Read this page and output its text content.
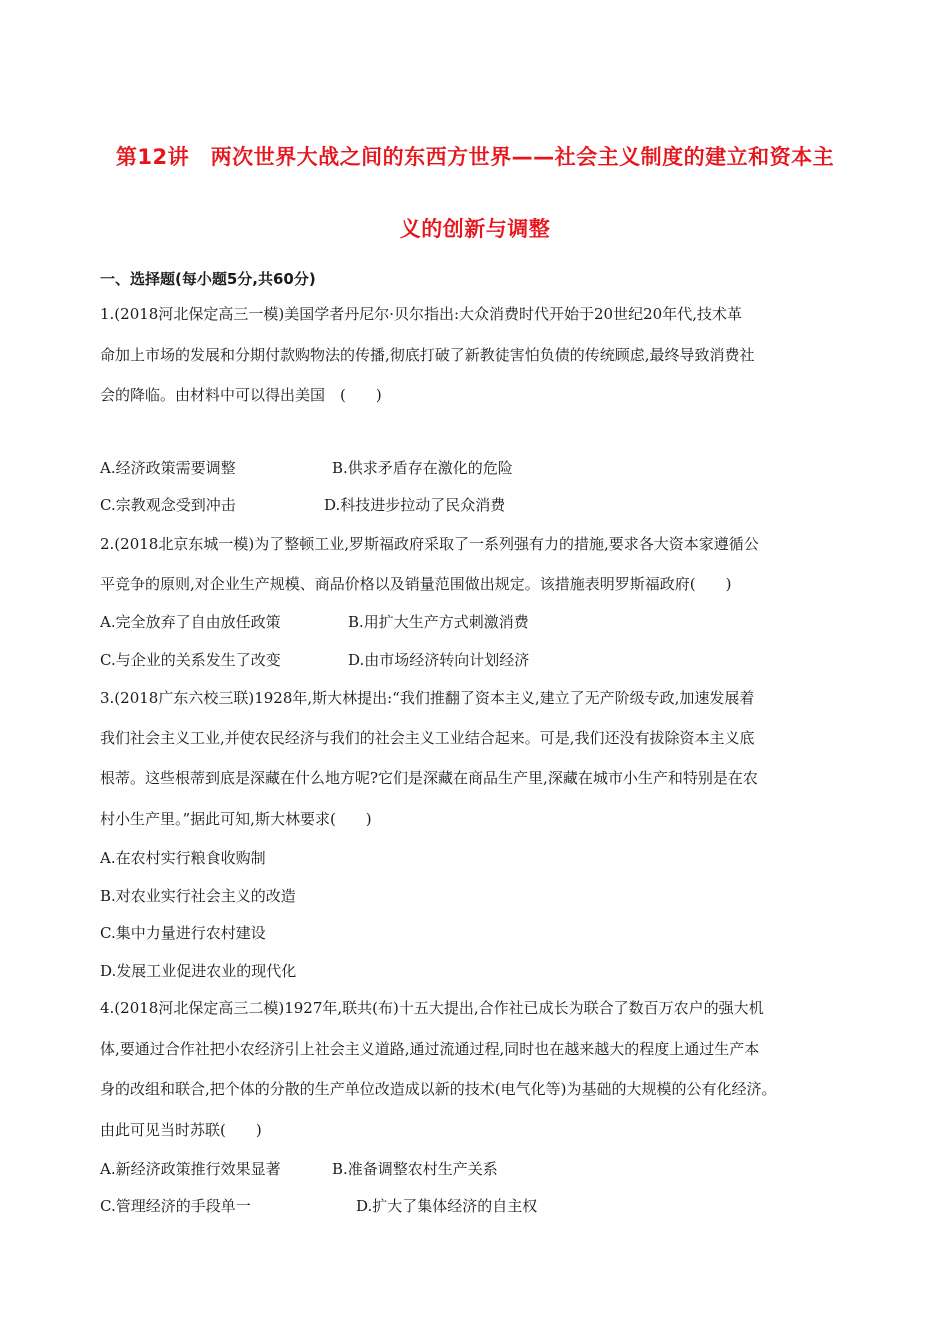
第12讲　两次世界大战之间的东西方世界——社会主义制度的建立和资本主
义的创新与调整
一、选择题(每小题5分,共60分)
1.(2018河北保定高三一模)美国学者丹尼尔·贝尔指出:大众消费时代开始于20世纪20年代,技术革
命加上市场的发展和分期付款购物法的传播,彻底打破了新教徒害怕负债的传统顾虑,最终导致消费社
会的降临。由材料中可以得出美国　(　　)
A.经济政策需要调整	B.供求矛盾存在激化的危险
C.宗教观念受到冲击	D.科技进步拉动了民众消费
2.(2018北京东城一模)为了整顿工业,罗斯福政府采取了一系列强有力的措施,要求各大资本家遵循公
平竞争的原则,对企业生产规模、商品价格以及销量范围做出规定。该措施表明罗斯福政府(　　)
A.完全放弃了自由放任政策	B.用扩大生产方式刺激消费
C.与企业的关系发生了改变	D.由市场经济转向计划经济
3.(2018广东六校三联)1928年,斯大林提出:“我们推翻了资本主义,建立了无产阶级专政,加速发展着
我们社会主义工业,并使农民经济与我们的社会主义工业结合起来。可是,我们还没有拔除资本主义底
根蒂。这些根蒂到底是深藏在什么地方呢?它们是深藏在商品生产里,深藏在城市小生产和特别是在农
村小生产里。”据此可知,斯大林要求(　　)
A.在农村实行粮食收购制
B.对农业实行社会主义的改造
C.集中力量进行农村建设
D.发展工业促进农业的现代化
4.(2018河北保定高三二模)1927年,联共(布)十五大提出,合作社已成长为联合了数百万农户的强大机
体,要通过合作社把小农经济引上社会主义道路,通过流通过程,同时也在越来越大的程度上通过生产本
身的改组和联合,把个体的分散的生产单位改造成以新的技术(电气化等)为基础的大规模的公有化经济。
由此可见当时苏联(　　)
A.新经济政策推行效果显著	B.准备调整农村生产关系
C.管理经济的手段单一	D.扩大了集体经济的自主权
